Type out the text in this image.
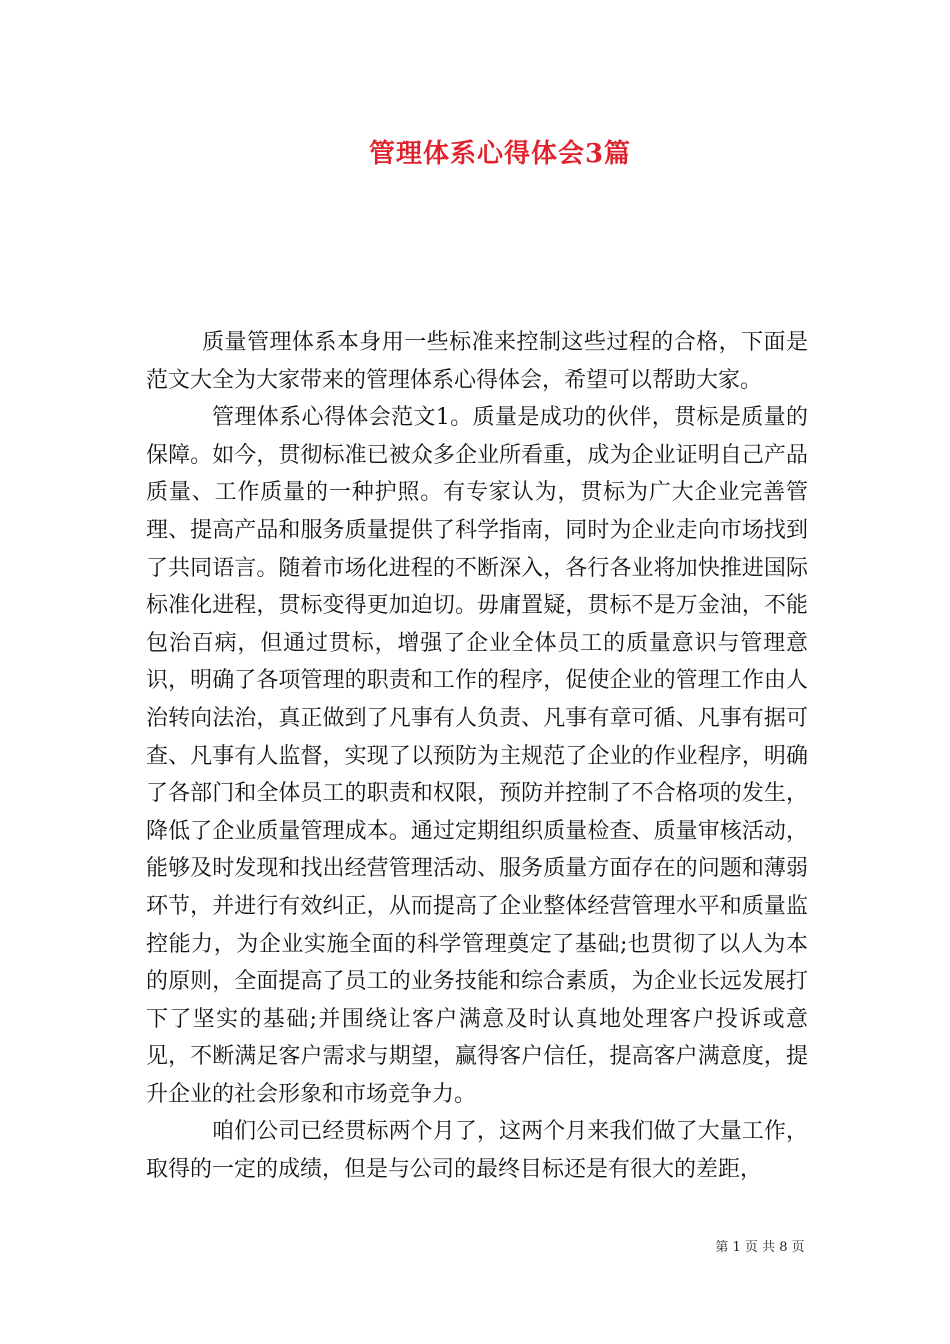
管理体系心得体会3篇

质量管理体系本身用一些标准来控制这些过程的合格，下面是范文大全为大家带来的管理体系心得体会，希望可以帮助大家。

管理体系心得体会范文1。质量是成功的伙伴，贯标是质量的保障。如今，贯彻标准已被众多企业所看重，成为企业证明自己产品质量、工作质量的一种护照。有专家认为，贯标为广大企业完善管理、提高产品和服务质量提供了科学指南，同时为企业走向市场找到了共同语言。随着市场化进程的不断深入，各行各业将加快推进国际标准化进程，贯标变得更加迫切。毋庸置疑，贯标不是万金油，不能包治百病，但通过贯标，增强了企业全体员工的质量意识与管理意识，明确了各项管理的职责和工作的程序，促使企业的管理工作由人治转向法治，真正做到了凡事有人负责、凡事有章可循、凡事有据可查、凡事有人监督，实现了以预防为主规范了企业的作业程序，明确了各部门和全体员工的职责和权限，预防并控制了不合格项的发生，降低了企业质量管理成本。通过定期组织质量检查、质量审核活动，能够及时发现和找出经营管理活动、服务质量方面存在的问题和薄弱环节，并进行有效纠正，从而提高了企业整体经营管理水平和质量监控能力，为企业实施全面的科学管理奠定了基础;也贯彻了以人为本的原则，全面提高了员工的业务技能和综合素质，为企业长远发展打下了坚实的基础;并围绕让客户满意及时认真地处理客户投诉或意见，不断满足客户需求与期望，赢得客户信任，提高客户满意度，提升企业的社会形象和市场竞争力。

咱们公司已经贯标两个月了，这两个月来我们做了大量工作，取得的一定的成绩，但是与公司的最终目标还是有很大的差距，

第 1 页 共 8 页
